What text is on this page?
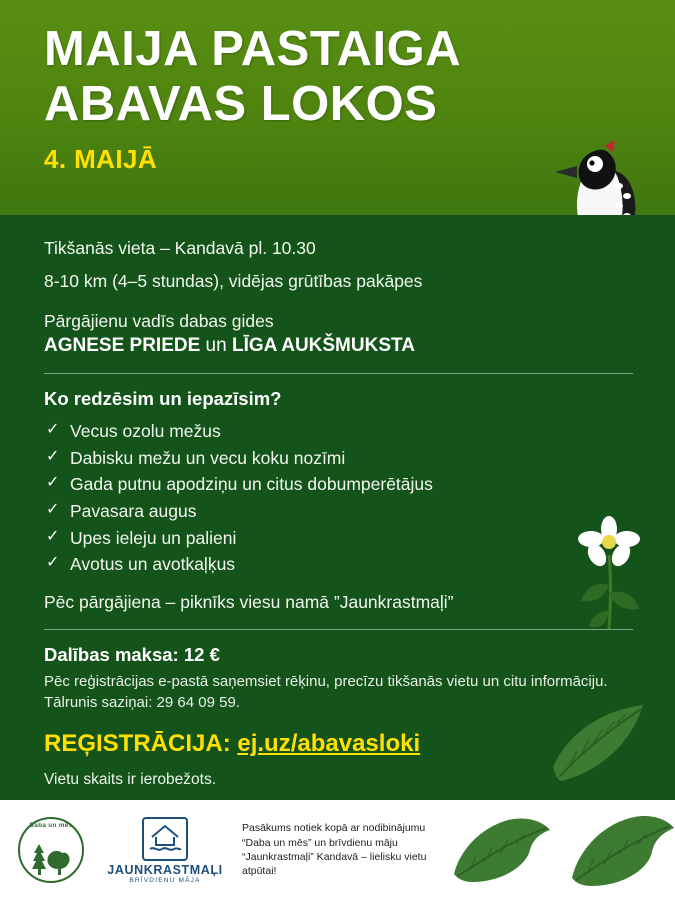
MAIJA PASTAIGA
ABAVAS LOKOS
4. MAIJĀ

Tikšanās vieta – Kandavā pl. 10.30

8-10 km (4–5 stundas), vidējas grūtības pakāpes

Pārgājienu vadīs dabas gides

AGNESE PRIEDE un LĪGA AUKŠMUKSTA

Ko redzēsim un iepazīsim?

✓ Vecus ozolu mežus
✓ Dabisku mežu un vecu koku nozīmi
✓ Gada putnu apodziņu un citus dobumperētājus
✓ Pavasara augus
✓ Upes ieleju un palieni
✓ Avotus un avotkaļķus

Pēc pārgājiena – piknīks viesu namā ”Jaunkrastmaļi”

Dalības maksa: 12 €

Pēc reģistrācijas e-pastā saņemsiet rēķinu, precīzu tikšanās vietu un citu informāciju. Tālrunis saziņai: 29 64 09 59.

REĢISTRĀCIJA: ej.uz/abavasloki

Vietu skaits ir ierobežots.

Daba un mēs
JAUNKRASTMAĻI
BRĪVDIENU MĀJA
Pasākums notiek kopā ar nodibinājumu “Daba un mēs” un brīvdienu māju “Jaunkrastmaļi” Kandavā – lielisku vietu atpūtai!
